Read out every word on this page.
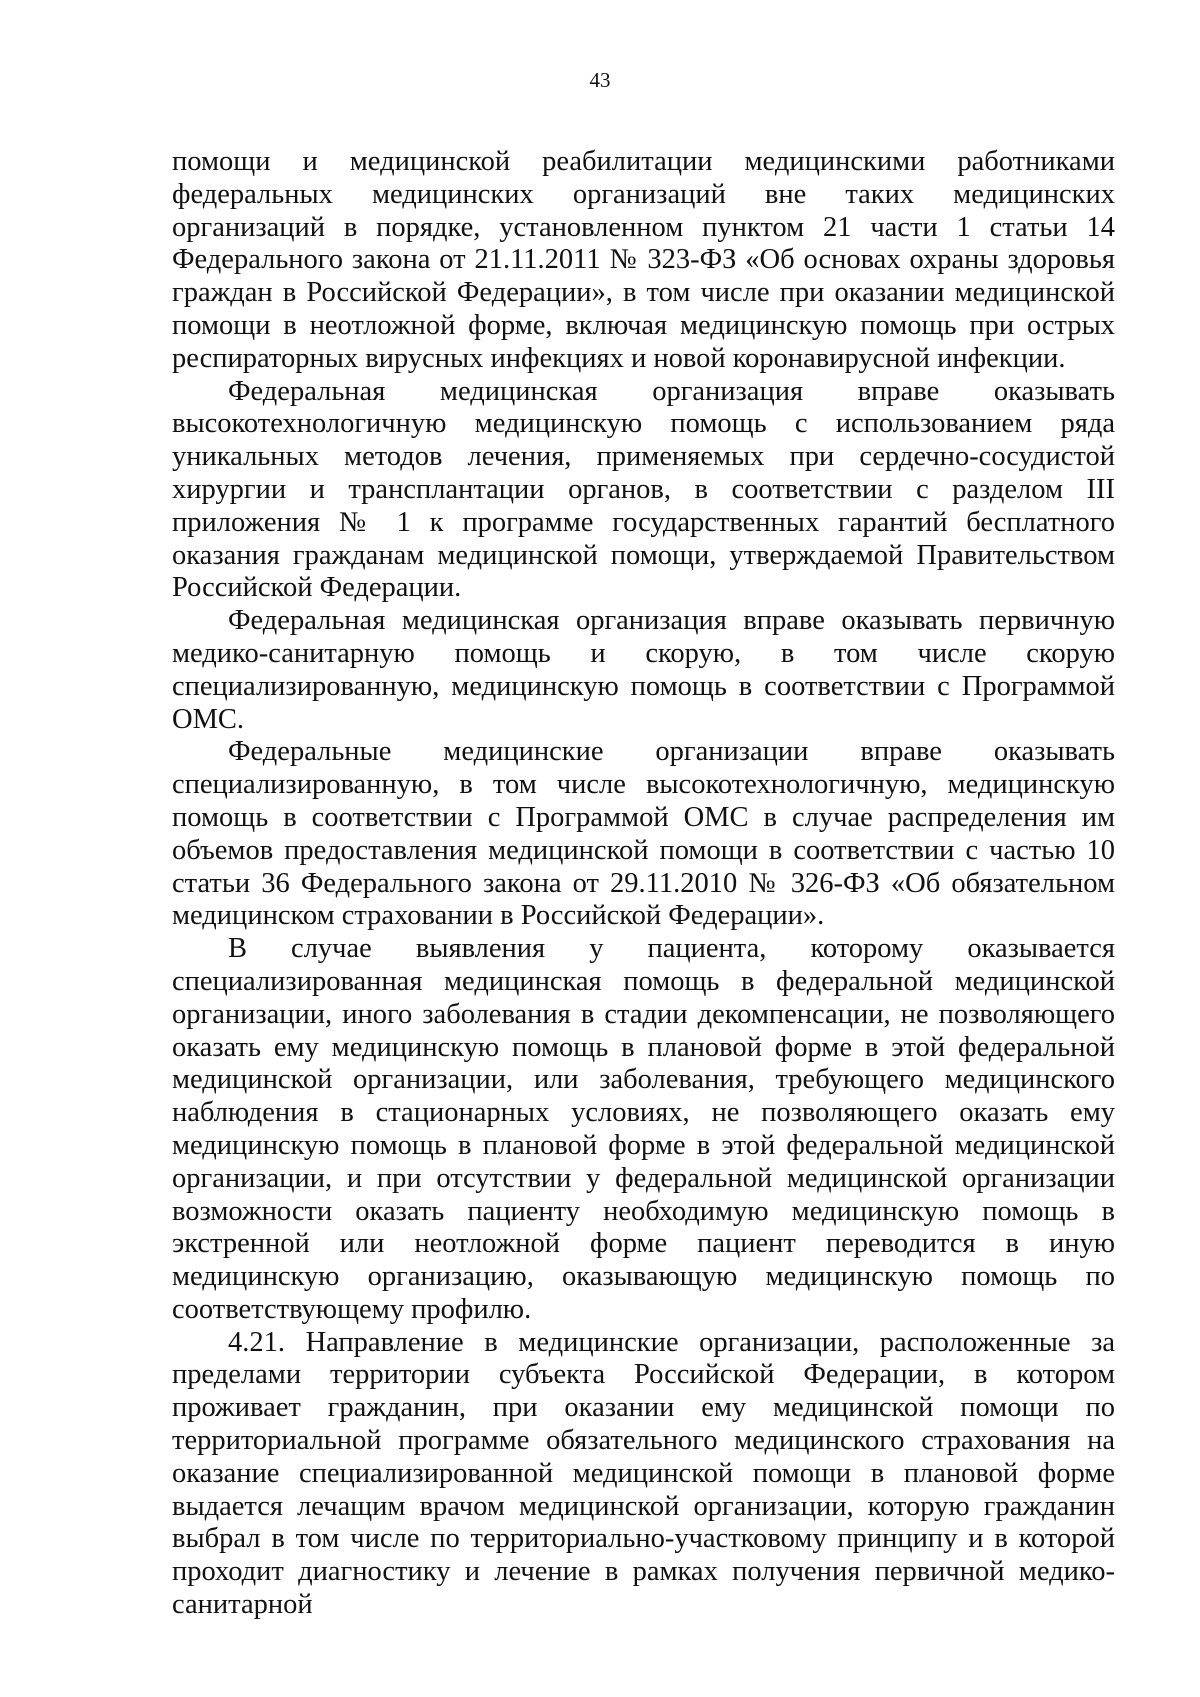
43

помощи и медицинской реабилитации медицинскими работниками федеральных медицинских организаций вне таких медицинских организаций в порядке, установленном пунктом 21 части 1 статьи 14 Федерального закона от 21.11.2011 № 323-ФЗ «Об основах охраны здоровья граждан в Российской Федерации», в том числе при оказании медицинской помощи в неотложной форме, включая медицинскую помощь при острых респираторных вирусных инфекциях и новой коронавирусной инфекции.

Федеральная медицинская организация вправе оказывать высокотехнологичную медицинскую помощь с использованием ряда уникальных методов лечения, применяемых при сердечно-сосудистой хирургии и трансплантации органов, в соответствии с разделом III приложения № 1 к программе государственных гарантий бесплатного оказания гражданам медицинской помощи, утверждаемой Правительством Российской Федерации.

Федеральная медицинская организация вправе оказывать первичную медико-санитарную помощь и скорую, в том числе скорую специализированную, медицинскую помощь в соответствии с Программой ОМС.

Федеральные медицинские организации вправе оказывать специализированную, в том числе высокотехнологичную, медицинскую помощь в соответствии с Программой ОМС в случае распределения им объемов предоставления медицинской помощи в соответствии с частью 10 статьи 36 Федерального закона от 29.11.2010 № 326-ФЗ «Об обязательном медицинском страховании в Российской Федерации».

В случае выявления у пациента, которому оказывается специализированная медицинская помощь в федеральной медицинской организации, иного заболевания в стадии декомпенсации, не позволяющего оказать ему медицинскую помощь в плановой форме в этой федеральной медицинской организации, или заболевания, требующего медицинского наблюдения в стационарных условиях, не позволяющего оказать ему медицинскую помощь в плановой форме в этой федеральной медицинской организации, и при отсутствии у федеральной медицинской организации возможности оказать пациенту необходимую медицинскую помощь в экстренной или неотложной форме пациент переводится в иную медицинскую организацию, оказывающую медицинскую помощь по соответствующему профилю.

4.21. Направление в медицинские организации, расположенные за пределами территории субъекта Российской Федерации, в котором проживает гражданин, при оказании ему медицинской помощи по территориальной программе обязательного медицинского страхования на оказание специализированной медицинской помощи в плановой форме выдается лечащим врачом медицинской организации, которую гражданин выбрал в том числе по территориально-участковому принципу и в которой проходит диагностику и лечение в рамках получения первичной медико-санитарной
